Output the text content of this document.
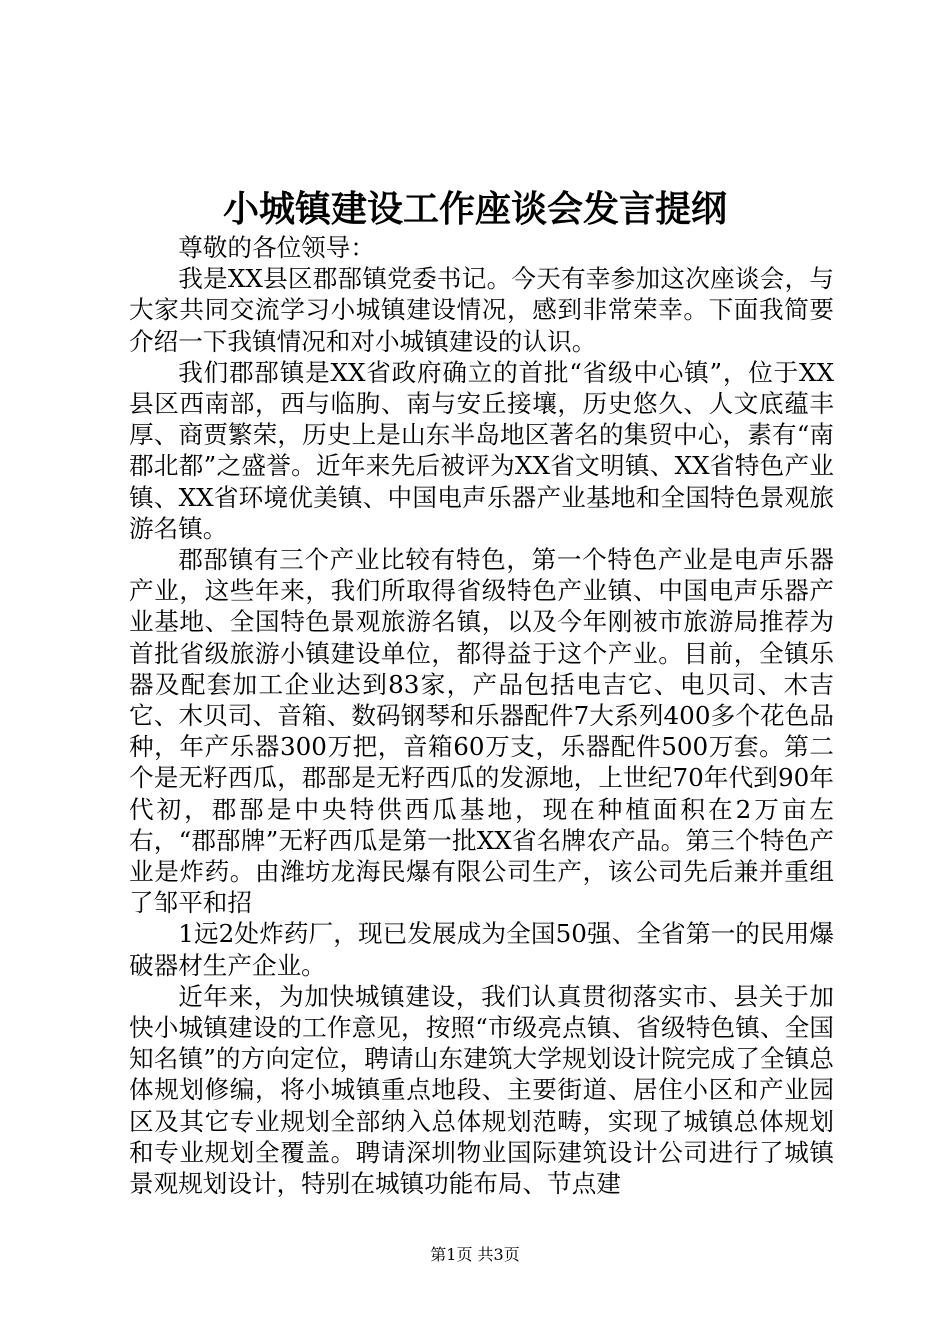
小城镇建设工作座谈会发言提纲

尊敬的各位领导：

我是XX县区郡郚镇党委书记。今天有幸参加这次座谈会，与大家共同交流学习小城镇建设情况，感到非常荣幸。下面我简要介绍一下我镇情况和对小城镇建设的认识。

我们郡郚镇是XX省政府确立的首批“省级中心镇”，位于XX县区西南部，西与临朐、南与安丘接壤，历史悠久、人文底蕴丰厚、商贾繁荣，历史上是山东半岛地区著名的集贸中心，素有“南郡北都”之盛誉。近年来先后被评为XX省文明镇、XX省特色产业镇、XX省环境优美镇、中国电声乐器产业基地和全国特色景观旅游名镇。

郡郚镇有三个产业比较有特色，第一个特色产业是电声乐器产业，这些年来，我们所取得省级特色产业镇、中国电声乐器产业基地、全国特色景观旅游名镇，以及今年刚被市旅游局推荐为首批省级旅游小镇建设单位，都得益于这个产业。目前，全镇乐器及配套加工企业达到83家，产品包括电吉它、电贝司、木吉它、木贝司、音箱、数码钢琴和乐器配件7大系列400多个花色品种，年产乐器300万把，音箱60万支，乐器配件500万套。第二个是无籽西瓜，郡郚是无籽西瓜的发源地，上世纪70年代到90年代初，郡郚是中央特供西瓜基地，现在种植面积在2万亩左右，“郡郚牌”无籽西瓜是第一批XX省名牌农产品。第三个特色产业是炸药。由潍坊龙海民爆有限公司生产，该公司先后兼并重组了邹平和招

1远2处炸药厂，现已发展成为全国50强、全省第一的民用爆破器材生产企业。

近年来，为加快城镇建设，我们认真贯彻落实市、县关于加快小城镇建设的工作意见，按照“市级亮点镇、省级特色镇、全国知名镇”的方向定位，聘请山东建筑大学规划设计院完成了全镇总体规划修编，将小城镇重点地段、主要街道、居住小区和产业园区及其它专业规划全部纳入总体规划范畴，实现了城镇总体规划和专业规划全覆盖。聘请深圳物业国际建筑设计公司进行了城镇景观规划设计，特别在城镇功能布局、节点建

第1页 共3页
